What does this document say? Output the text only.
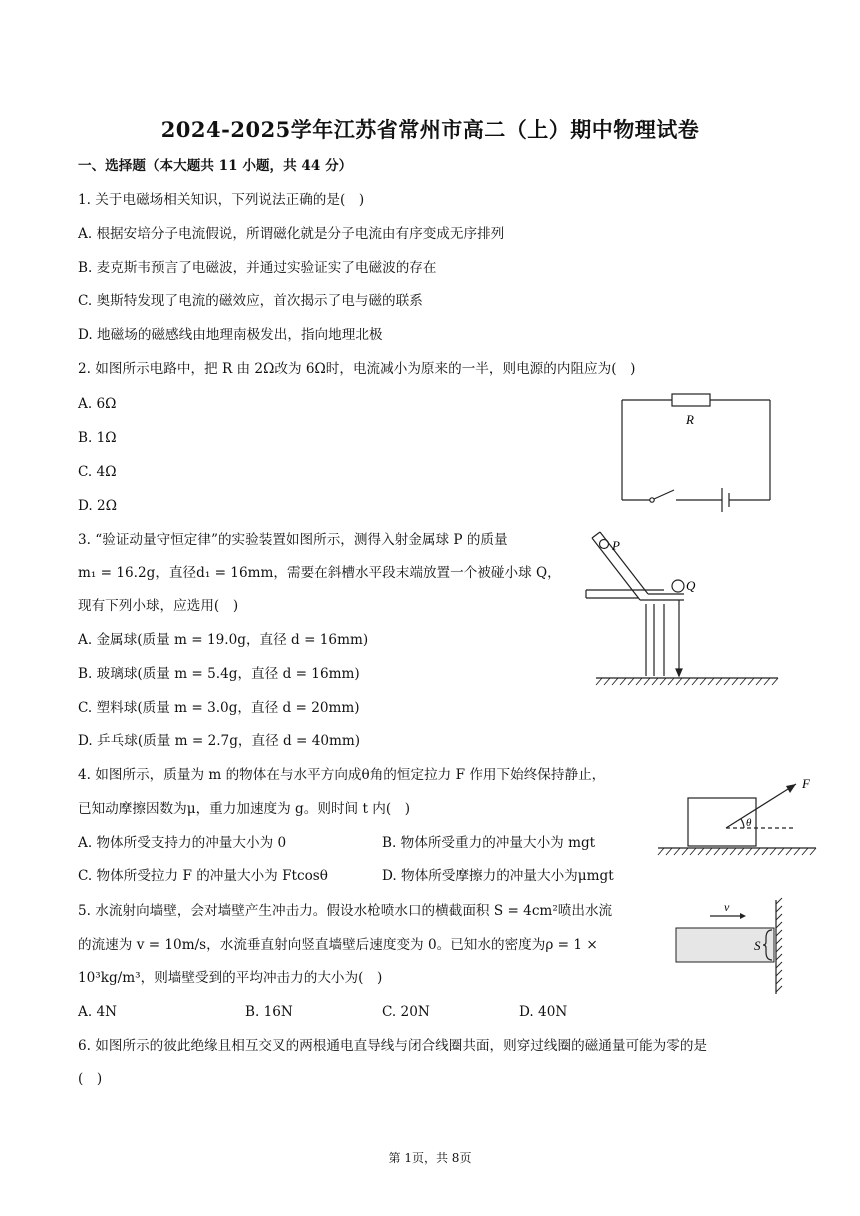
2024-2025学年江苏省常州市高二（上）期中物理试卷
一、选择题（本大题共 11 小题，共 44 分）
1. 关于电磁场相关知识，下列说法正确的是(　)
A. 根据安培分子电流假说，所谓磁化就是分子电流由有序变成无序排列
B. 麦克斯韦预言了电磁波，并通过实验证实了电磁波的存在
C. 奥斯特发现了电流的磁效应，首次揭示了电与磁的联系
D. 地磁场的磁感线由地理南极发出，指向地理北极
2. 如图所示电路中，把 R 由 2Ω改为 6Ω时，电流减小为原来的一半，则电源的内阻应为(　)
A. 6Ω
B. 1Ω
C. 4Ω
D. 2Ω
R
3. “验证动量守恒定律”的实验装置如图所示，测得入射金属球 P 的质量
m₁ = 16.2g，直径d₁ = 16mm，需要在斜槽水平段末端放置一个被碰小球 Q，
现有下列小球，应选用(　)
A. 金属球(质量 m = 19.0g，直径 d = 16mm)
B. 玻璃球(质量 m = 5.4g，直径 d = 16mm)
C. 塑料球(质量 m = 3.0g，直径 d = 20mm)
D. 乒乓球(质量 m = 2.7g，直径 d = 40mm)
P
Q
4. 如图所示，质量为 m 的物体在与水平方向成θ角的恒定拉力 F 作用下始终保持静止，
已知动摩擦因数为μ，重力加速度为 g。则时间 t 内(　)
A. 物体所受支持力的冲量大小为 0	B. 物体所受重力的冲量大小为 mgt
C. 物体所受拉力 F 的冲量大小为 Ftcosθ	D. 物体所受摩擦力的冲量大小为μmgt
F
θ
5. 水流射向墙壁，会对墙壁产生冲击力。假设水枪喷水口的横截面积 S = 4cm²喷出水流
的流速为 v = 10m/s，水流垂直射向竖直墙壁后速度变为 0。已知水的密度为ρ = 1 ×
10³kg/m³，则墙壁受到的平均冲击力的大小为(　)
A. 4N	B. 16N	C. 20N	D. 40N
v
S
6. 如图所示的彼此绝缘且相互交叉的两根通电直导线与闭合线圈共面，则穿过线圈的磁通量可能为零的是
(　)
第 1页，共 8页
